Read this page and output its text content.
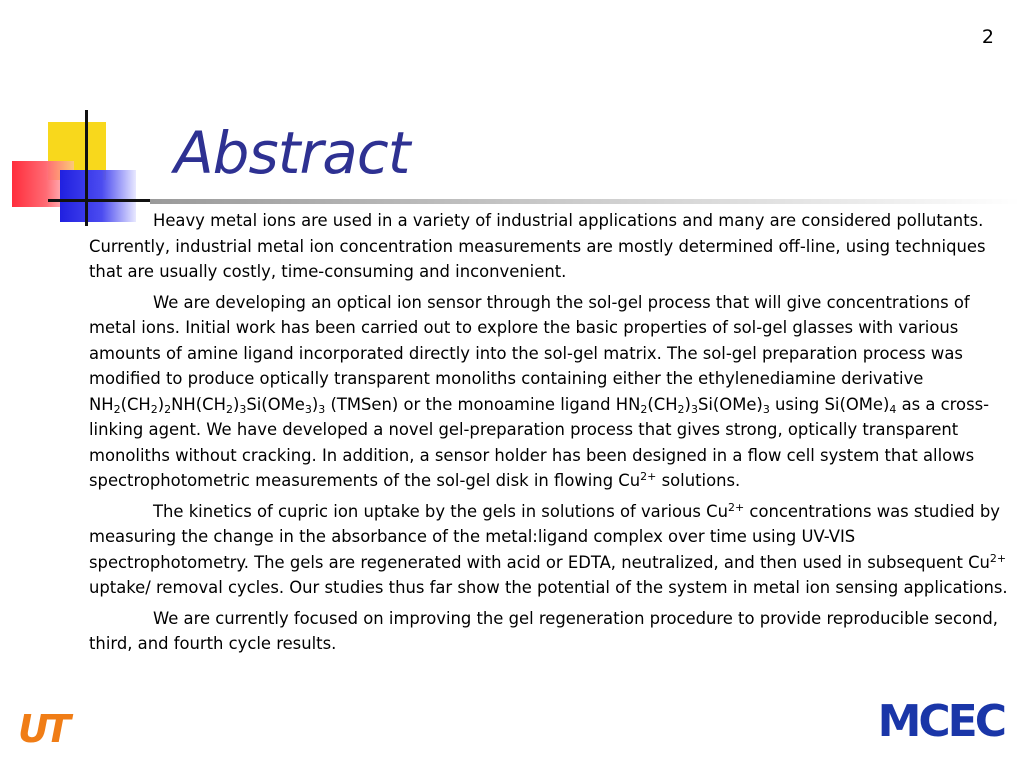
2
Abstract

Heavy metal ions are used in a variety of industrial applications and many are considered pollutants. Currently, industrial metal ion concentration measurements are mostly determined off-line, using techniques that are usually costly, time-consuming and inconvenient.

We are developing an optical ion sensor through the sol-gel process that will give concentrations of metal ions. Initial work has been carried out to explore the basic properties of sol-gel glasses with various amounts of amine ligand incorporated directly into the sol-gel matrix. The sol-gel preparation process was modified to produce optically transparent monoliths containing either the ethylenediamine derivative $NH_2(CH_2)_2NH(CH_2)_3Si(OMe_3)_3$ (TMSen) or the monoamine ligand $HN_2(CH_2)_3Si(OMe)_3$ using $Si(OMe)_4$ as a cross-linking agent. We have developed a novel gel-preparation process that gives strong, optically transparent monoliths without cracking. In addition, a sensor holder has been designed in a flow cell system that allows spectrophotometric measurements of the sol-gel disk in flowing $Cu^{2+}$ solutions.

The kinetics of cupric ion uptake by the gels in solutions of various $Cu^{2+}$ concentrations was studied by measuring the change in the absorbance of the metal:ligand complex over time using UV-VIS spectrophotometry. The gels are regenerated with acid or EDTA, neutralized, and then used in subsequent $Cu^{2+}$ uptake/ removal cycles. Our studies thus far show the potential of the system in metal ion sensing applications.

We are currently focused on improving the gel regeneration procedure to provide reproducible second, third, and fourth cycle results.

UT	MCEC
